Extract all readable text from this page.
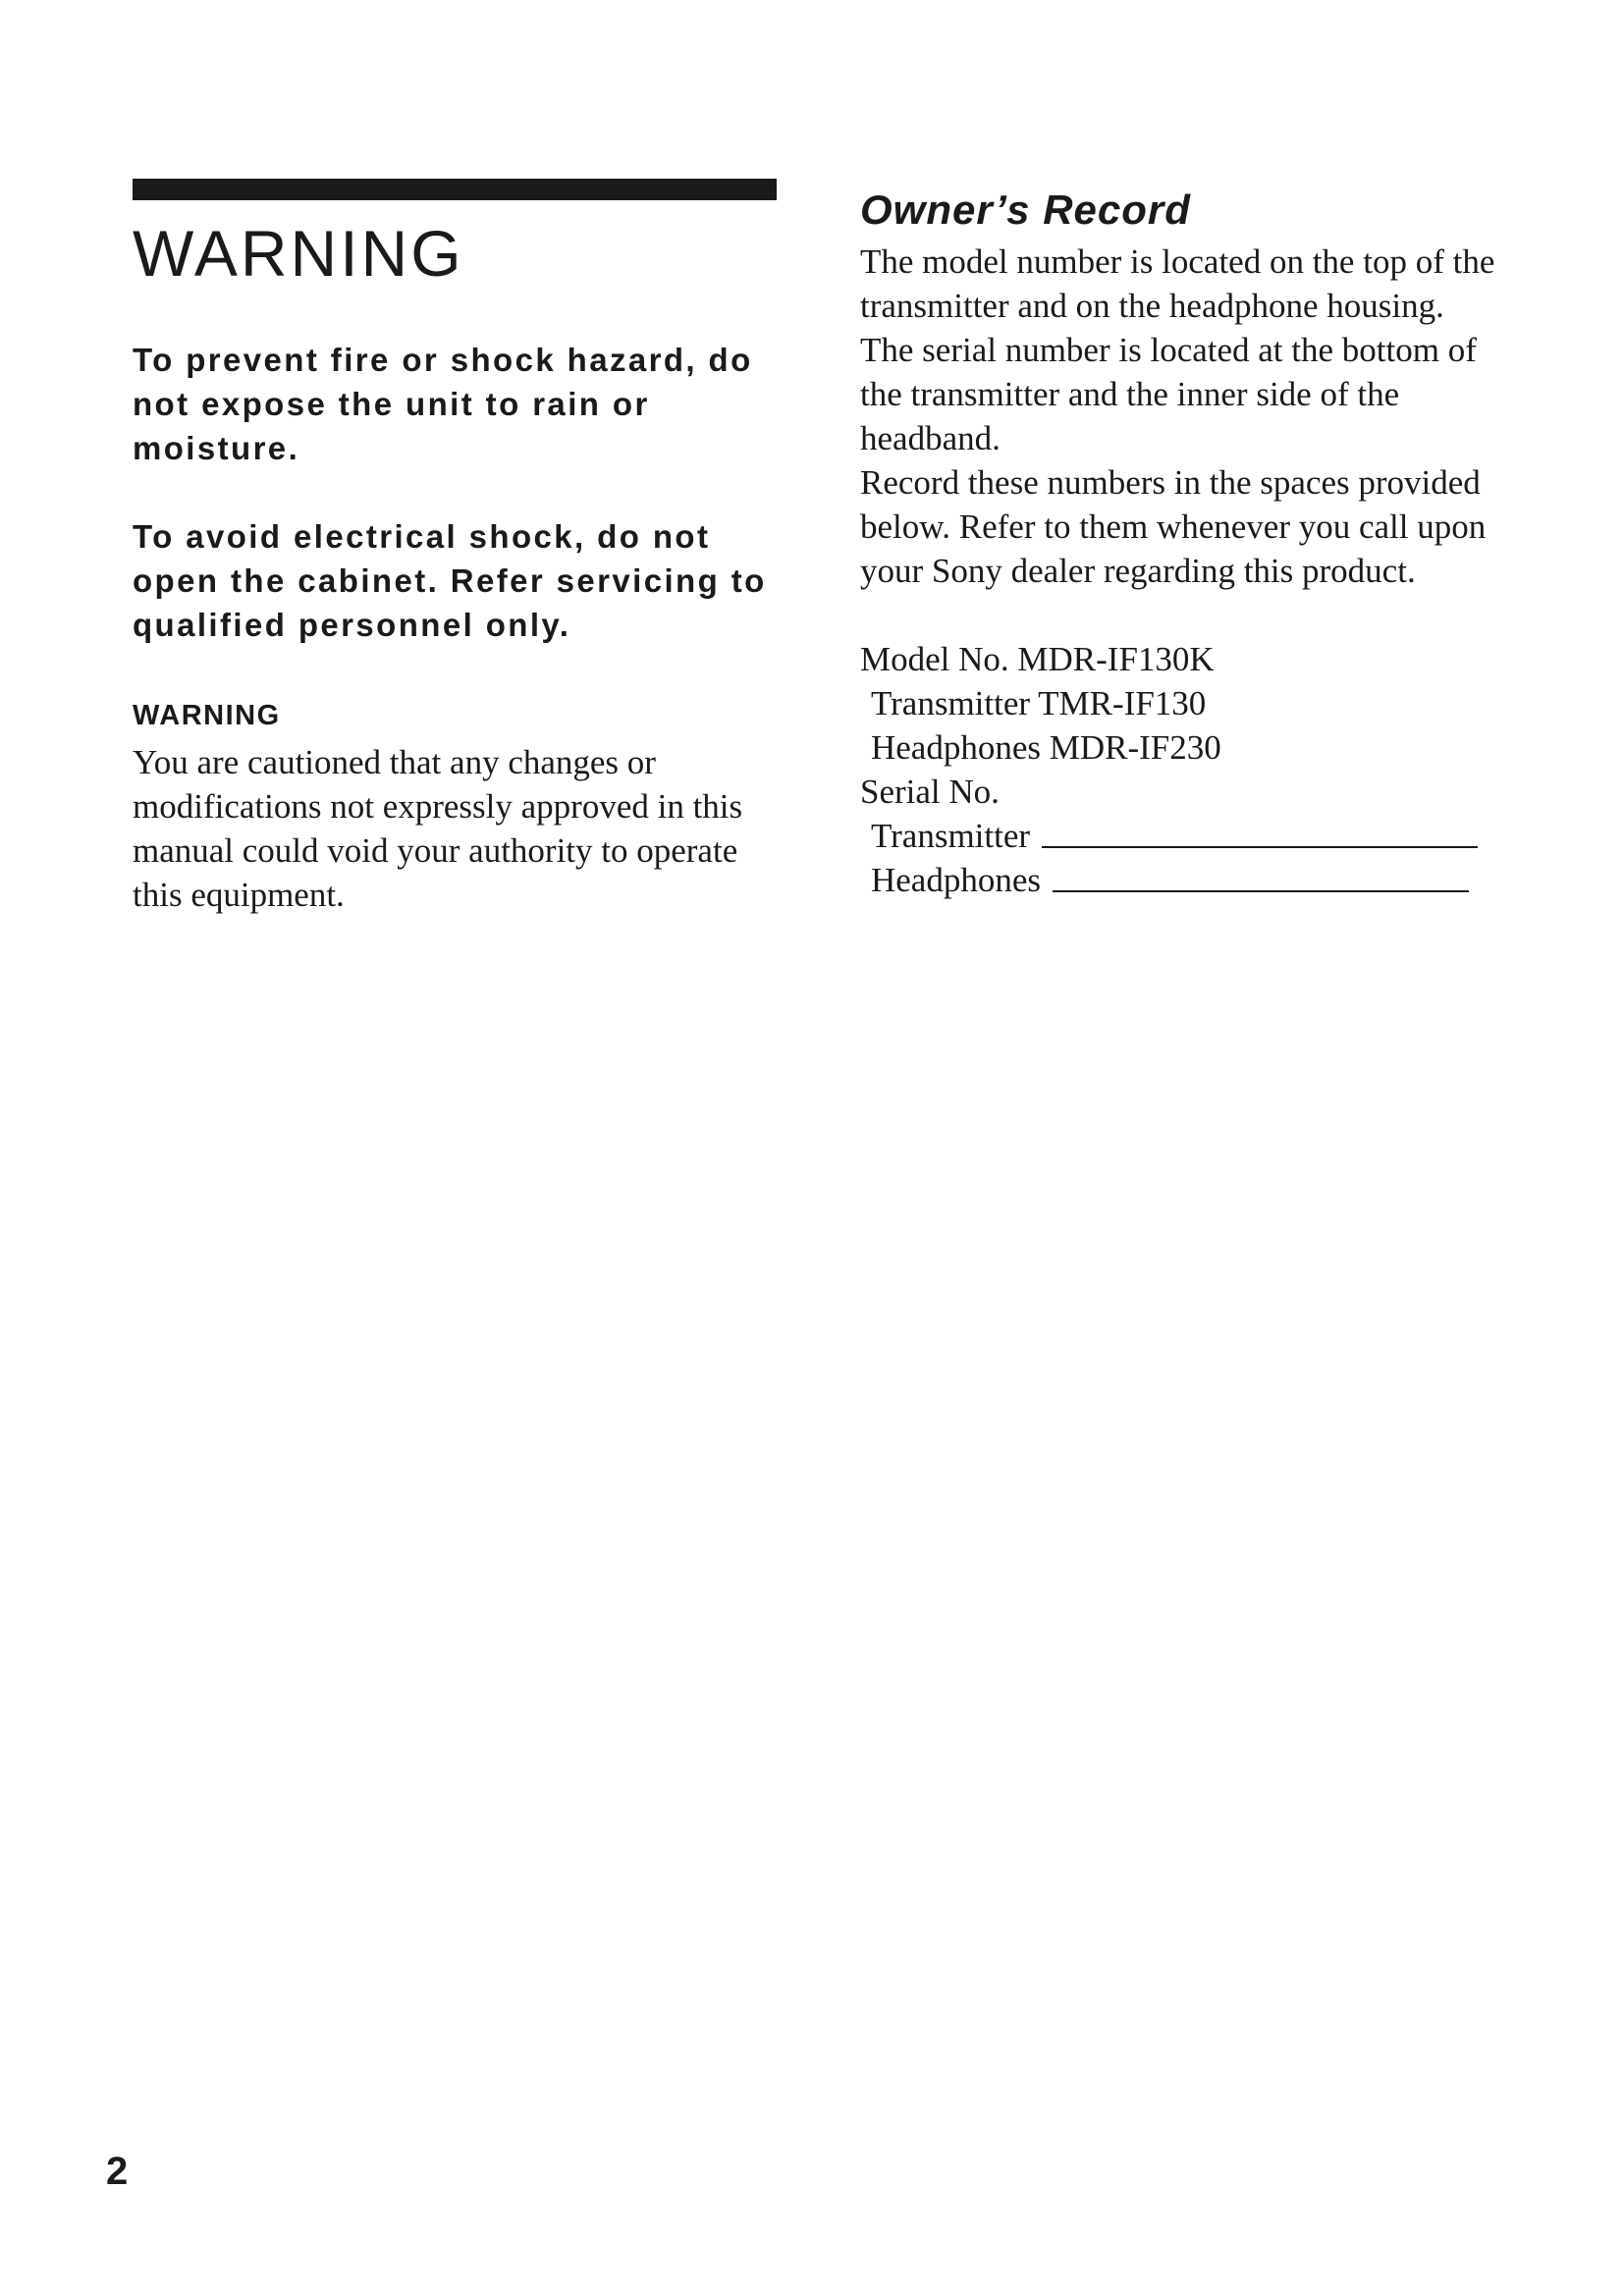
WARNING

To prevent fire or shock hazard, do not expose the unit to rain or moisture.

To avoid electrical shock, do not open the cabinet. Refer servicing to qualified personnel only.

WARNING

You are cautioned that any changes or modifications not expressly approved in this manual could void your authority to operate this equipment.

Owner’s Record
The model number is located on the top of the transmitter and on the headphone housing.
The serial number is located at the bottom of the transmitter and the inner side of the headband.
Record these numbers in the spaces provided below. Refer to them whenever you call upon your Sony dealer regarding this product.
Model No. MDR-IF130K
Transmitter TMR-IF130
Headphones MDR-IF230
Serial No.
Transmitter
Headphones
2
